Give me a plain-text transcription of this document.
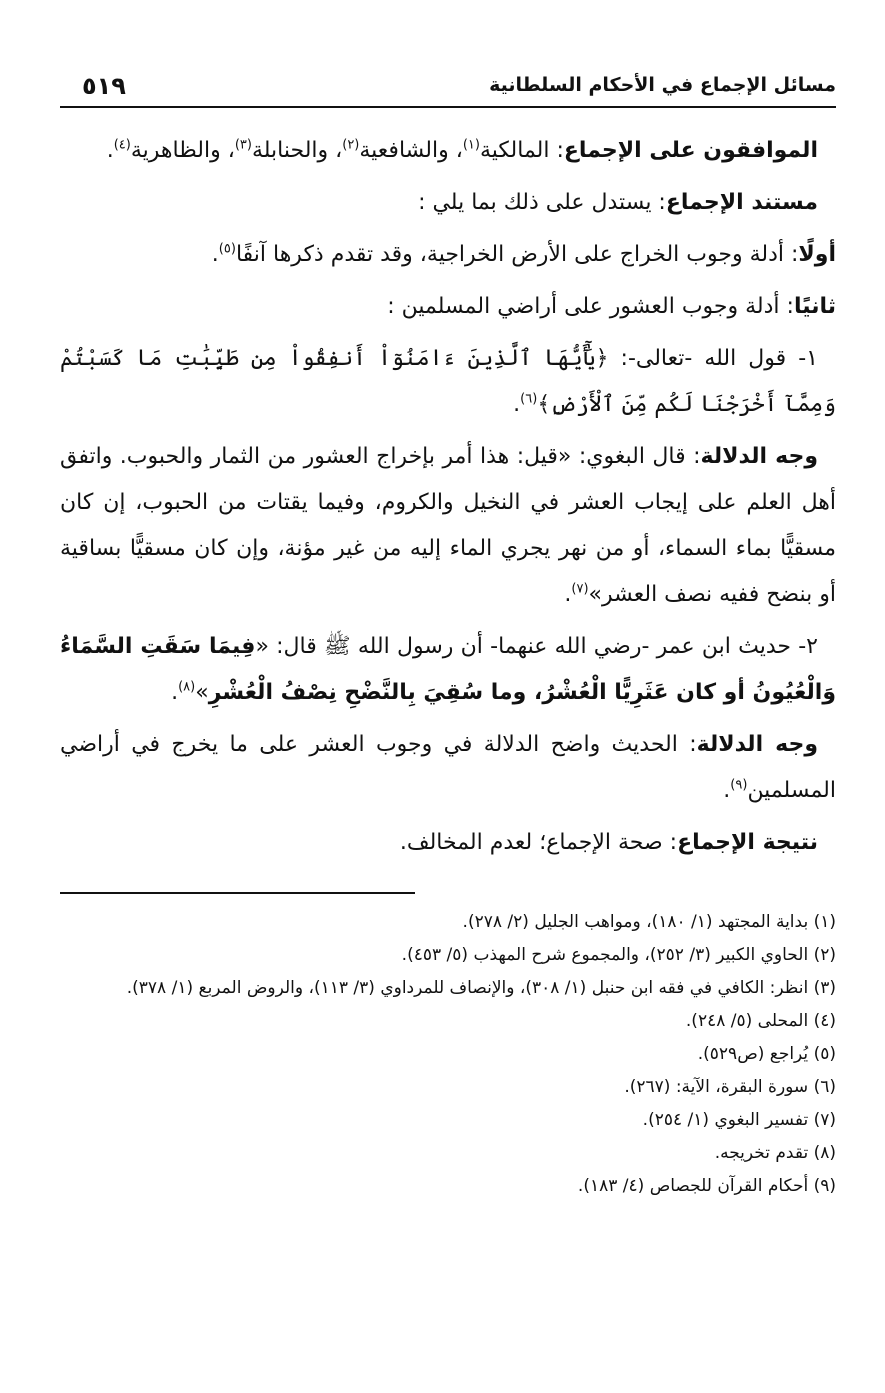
مسائل الإجماع في الأحكام السلطانية
٥١٩

الموافقون على الإجماع: المالكية$^{(١)}$، والشافعية$^{(٢)}$، والحنابلة$^{(٣)}$، والظاهرية$^{(٤)}$.

مستند الإجماع: يستدل على ذلك بما يلي :

أولًا: أدلة وجوب الخراج على الأرض الخراجية، وقد تقدم ذكرها آنفًا$^{(٥)}$.

ثانيًا: أدلة وجوب العشور على أراضي المسلمين :

١- قول الله -تعالى-: ﴿يَٰٓأَيُّهَا ٱلَّذِينَ ءَامَنُوٓاْ أَنفِقُواْ مِن طَيِّبَٰتِ مَا كَسَبْتُمْ وَمِمَّآ أَخْرَجْنَا لَكُم مِّنَ ٱلْأَرْضِ﴾$^{(٦)}$.

وجه الدلالة: قال البغوي: «قيل: هذا أمر بإخراج العشور من الثمار والحبوب. واتفق أهل العلم على إيجاب العشر في النخيل والكروم، وفيما يقتات من الحبوب، إن كان مسقيًّا بماء السماء، أو من نهر يجري الماء إليه من غير مؤنة، وإن كان مسقيًّا بساقية أو بنضح ففيه نصف العشر»$^{(٧)}$.

٢- حديث ابن عمر -رضي الله عنهما- أن رسول الله ﷺ قال: «فِيمَا سَقَتِ السَّمَاءُ وَالْعُيُونُ أو كان عَثَرِيًّا الْعُشْرُ، وما سُقِيَ بِالنَّضْحِ نِصْفُ الْعُشْرِ»$^{(٨)}$.

وجه الدلالة: الحديث واضح الدلالة في وجوب العشر على ما يخرج في أراضي المسلمين$^{(٩)}$.

نتيجة الإجماع: صحة الإجماع؛ لعدم المخالف.

(١) بداية المجتهد (١/ ١٨٠)، ومواهب الجليل (٢/ ٢٧٨).

(٢) الحاوي الكبير (٣/ ٢٥٢)، والمجموع شرح المهذب (٥/ ٤٥٣).

(٣) انظر: الكافي في فقه ابن حنبل (١/ ٣٠٨)، والإنصاف للمرداوي (٣/ ١١٣)، والروض المربع (١/ ٣٧٨).

(٤) المحلى (٥/ ٢٤٨).

(٥) يُراجع (ص٥٢٩).

(٦) سورة البقرة، الآية: (٢٦٧).

(٧) تفسير البغوي (١/ ٢٥٤).

(٨) تقدم تخريجه.

(٩) أحكام القرآن للجصاص (٤/ ١٨٣).
